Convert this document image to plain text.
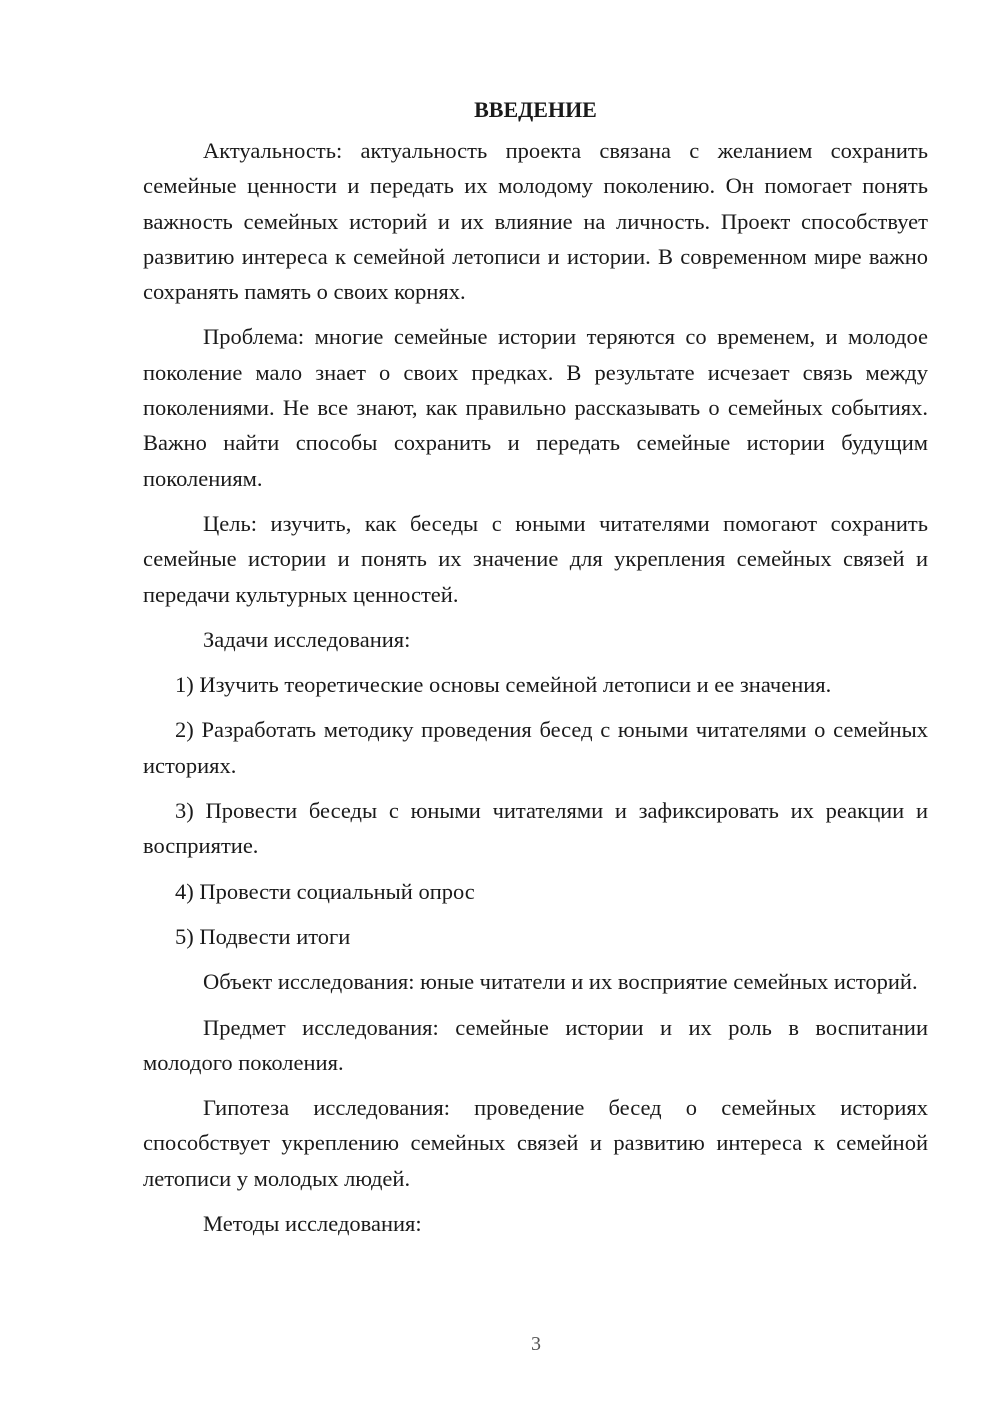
ВВЕДЕНИЕ
Актуальность: актуальность проекта связана с желанием сохранить семейные ценности и передать их молодому поколению. Он помогает понять важность семейных историй и их влияние на личность. Проект способствует развитию интереса к семейной летописи и истории. В современном мире важно сохранять память о своих корнях.
Проблема: многие семейные истории теряются со временем, и молодое поколение мало знает о своих предках. В результате исчезает связь между поколениями. Не все знают, как правильно рассказывать о семейных событиях. Важно найти способы сохранить и передать семейные истории будущим поколениям.
Цель: изучить, как беседы с юными читателями помогают сохранить семейные истории и понять их значение для укрепления семейных связей и передачи культурных ценностей.
Задачи исследования:
1) Изучить теоретические основы семейной летописи и ее значения.
2) Разработать методику проведения бесед с юными читателями о семейных историях.
3) Провести беседы с юными читателями и зафиксировать их реакции и восприятие.
4) Провести социальный опрос
5) Подвести итоги
Объект исследования: юные читатели и их восприятие семейных историй.
Предмет исследования: семейные истории и их роль в воспитании молодого поколения.
Гипотеза исследования: проведение бесед о семейных историях способствует укреплению семейных связей и развитию интереса к семейной летописи у молодых людей.
Методы исследования:
3
